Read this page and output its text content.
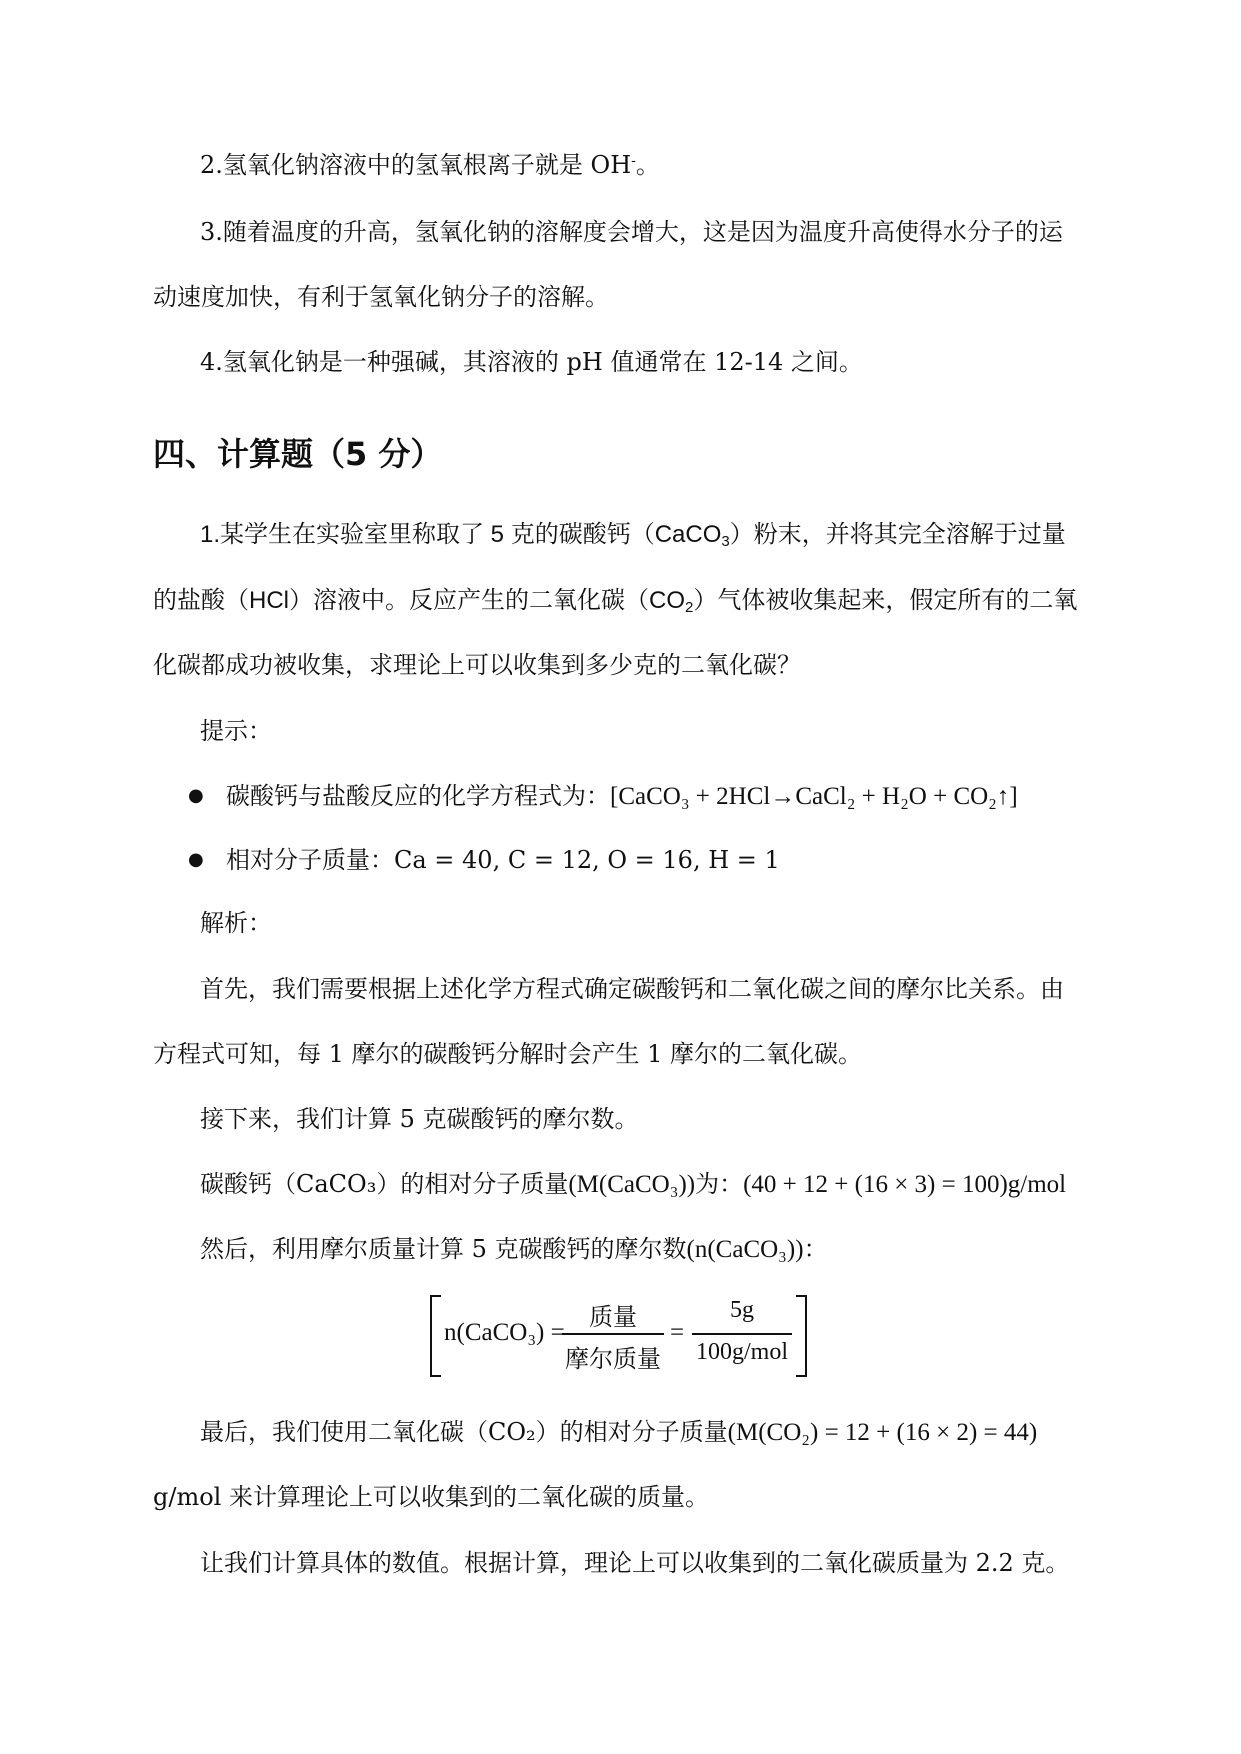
2.氢氧化钠溶液中的氢氧根离子就是 OH-。
3.随着温度的升高，氢氧化钠的溶解度会增大，这是因为温度升高使得水分子的运
动速度加快，有利于氢氧化钠分子的溶解。
4.氢氧化钠是一种强碱，其溶液的 pH 值通常在 12-14 之间。
四、计算题（5 分）
1.某学生在实验室里称取了 5 克的碳酸钙（CaCO$_3$）粉末，并将其完全溶解于过量
的盐酸（HCl）溶液中。反应产生的二氧化碳$(CO_2)$气体被收集起来，假定所有的二氧
化碳都成功被收集，求理论上可以收集到多少克的二氧化碳？
提示：
● 碳酸钙与盐酸反应的化学方程式为：[CaCO₃ + 2HCl→CaCl₂ + H₂O + CO₂↑]
● 相对分子质量：Ca = 40, C = 12, O = 16, H = 1
解析：
首先，我们需要根据上述化学方程式确定碳酸钙和二氧化碳之间的摩尔比关系。由
方程式可知，每 1 摩尔的碳酸钙分解时会产生 1 摩尔的二氧化碳。
接下来，我们计算 5 克碳酸钙的摩尔数。
碳酸钙（CaCO₃）的相对分子质量(M(CaCO₃))为：(40 + 12 + (16 × 3) = 100)g/mol
然后，利用摩尔质量计算 5 克碳酸钙的摩尔数(n(CaCO₃))：
n(CaCO₃) =
质量
摩尔质量
=
5g
100g/mol
最后，我们使用二氧化碳（CO₂）的相对分子质量(M(CO₂) = 12 + (16 × 2) = 44)
g/mol 来计算理论上可以收集到的二氧化碳的质量。
让我们计算具体的数值。根据计算，理论上可以收集到的二氧化碳质量为 2.2 克。
